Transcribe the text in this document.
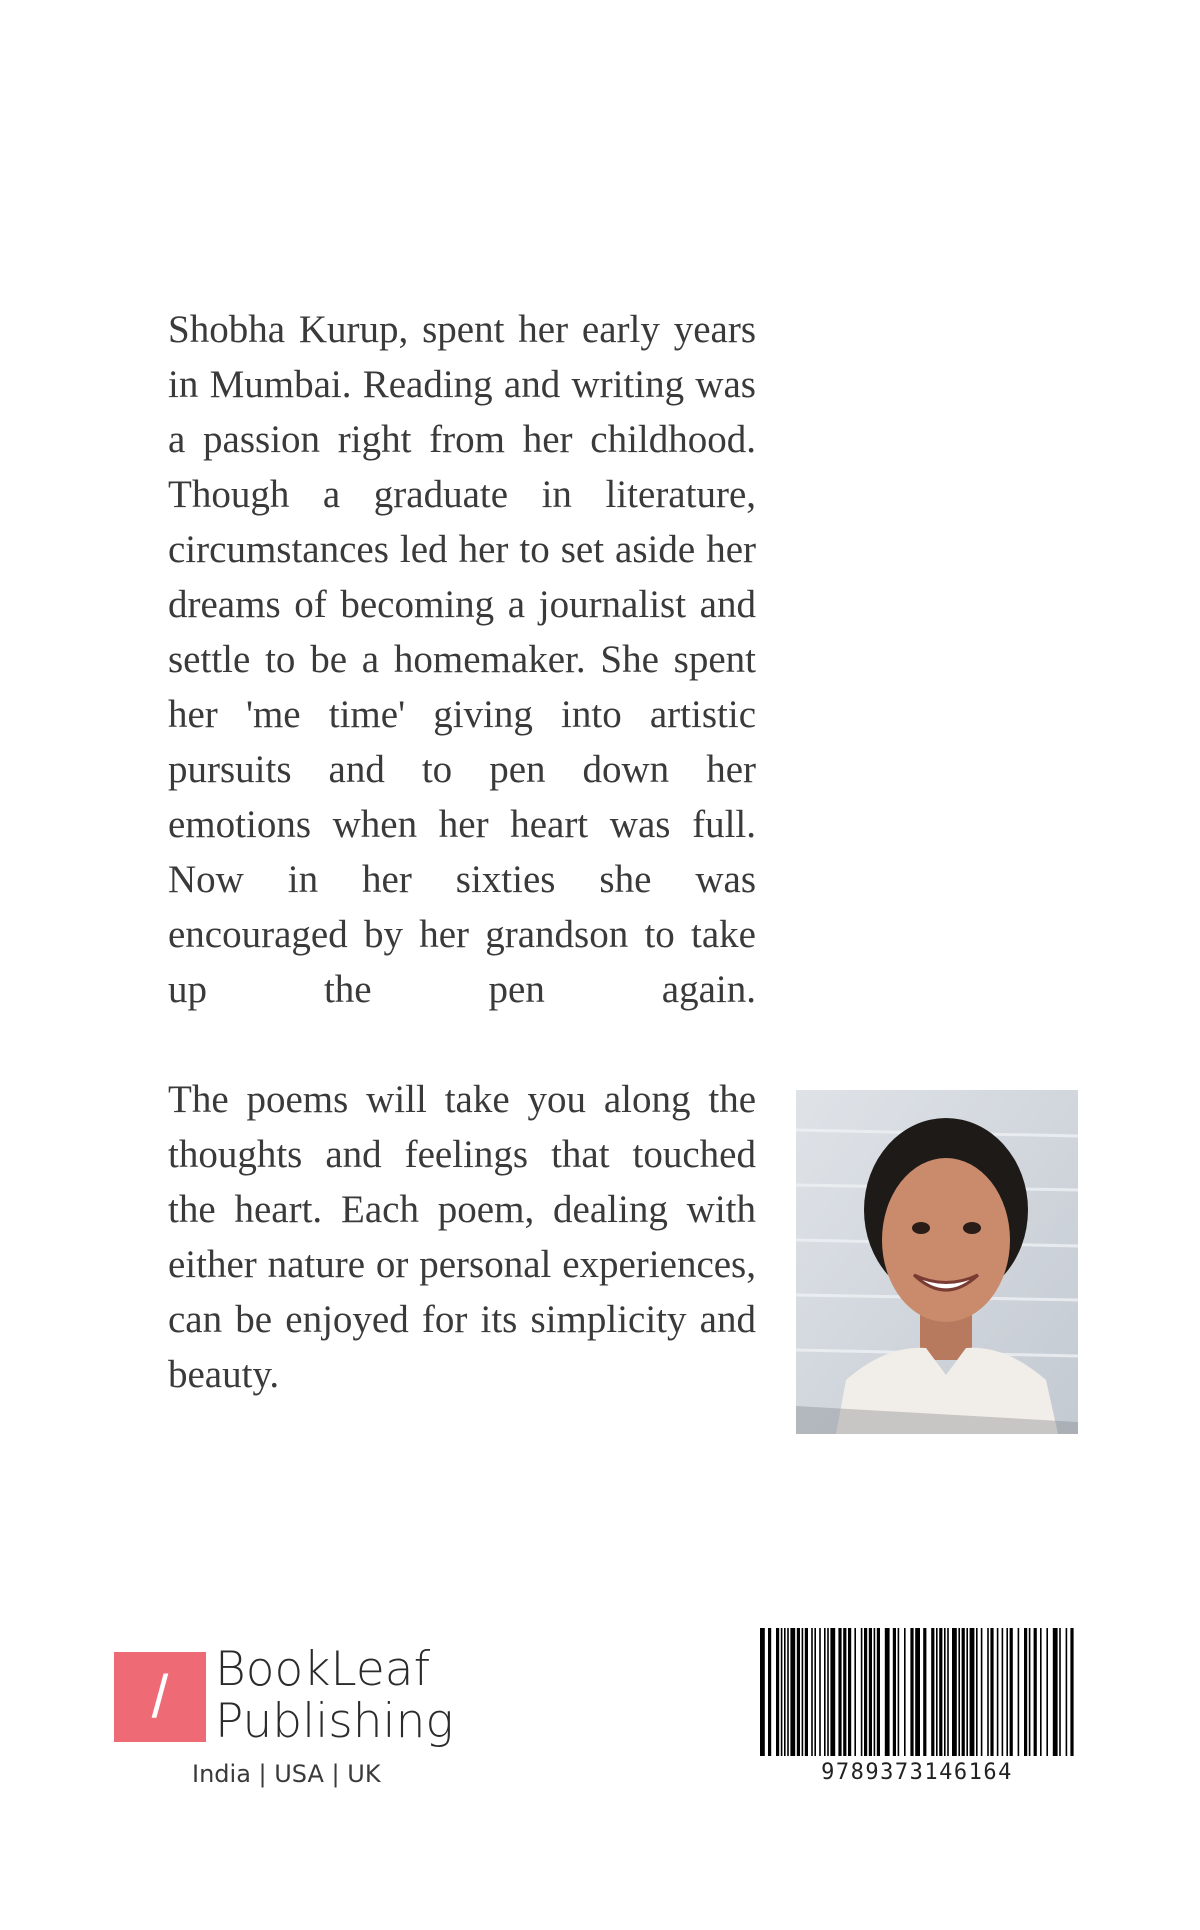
Shobha Kurup, spent her early years in Mumbai. Reading and writing was a passion right from her childhood. Though a graduate in literature, circumstances led her to set aside her dreams of becoming a journalist and settle to be a homemaker. She spent her 'me time' giving into artistic pursuits and to pen down her emotions when her heart was full. Now in her sixties she was encouraged by her grandson to take up the pen again.

The poems will take you along the thoughts and feelings that touched the heart. Each poem, dealing with either nature or personal experiences, can be enjoyed for its simplicity and beauty.

/ BookLeaf
Publishing
India | USA | UK	9789373146164
